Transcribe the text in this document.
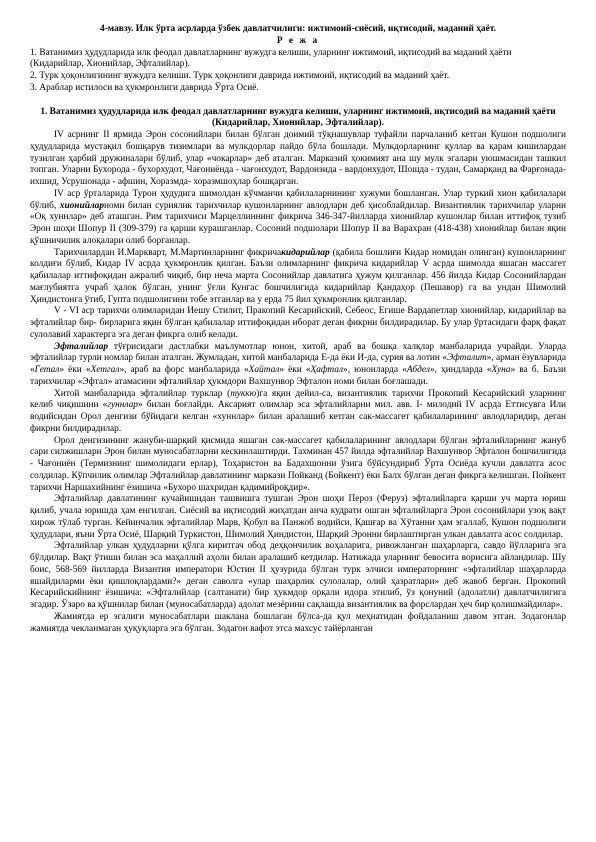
4-мавзу. Илк ўрта асрларда ўзбек давлатчилиги: ижтимоий-сиёсий, иқтисодий, маданий ҳаёт.

Р е ж а

1. Ватанимиз ҳудудларида илк феодал давлатларнинг вужудга келиши, уларнинг ижтимоий, иқтисодий ва маданий ҳаёти (Кидарийлар, Хионийлар, Эфталийлар).

2. Турк ҳоқонлигининг вужудга келиши. Турк ҳоқонлиги даврида ижтимоий, иқтисодий ва маданий ҳаёт.

3. Араблар истилоси ва ҳукмронлиги даврида Ўрта Осиё.

1. Ватанимиз ҳудудларида илк феодал давлатларнинг вужудга келиши, уларнинг ижтимоий, иқтисодий ва маданий ҳаёти (Кидарийлар, Хионийлар, Эфталийлар).

IV асрнинг II ярмида Эрон сосонийлари билан бўлган доимий тўқнашувлар туфайли парчаланиб кетган Кушон подшолиги ҳудудларида мустақил бошқарув тизимлари ва мулкдорлар пайдо бўла бошлади. Мулкдорларнинг қуллар ва қарам кишилардан тузилган ҳарбий дружиналари бўлиб, улар «чокарлар» деб аталган. Марказий ҳокимият ана шу мулк эгалари уюшмасидан ташкил топган. Уларни Бухорода - бухорхудот, Чағониёнда - чағонхудот, Вардонзида - вардонхудот, Шошда - тудан, Самарқанд ва Фарғонада- ихшид, Усрушонада - афшин, Хоразмда- хоразмшоҳлар бошқарган.

IV аср ўрталарида Турон ҳудудига шимолдан кўчманчи қабилаларнининг хужуми бошланган. Улар туркий хион қабилалари бўлиб, хионийларноми билан суриялик тарихчилар кушонларнинг авлодлари деб ҳисоблайдилар. Византиялик тарихчилар уларни «Оқ хуннлар» деб аташган. Рим тарихчиси Марцеллиннинг фикрича 346-347-йилларда хионийлар кушонлар билан иттифоқ тузиб Эрон шоҳи Шопур II (309-379) га қарши курашганлар. Сосоний подшолари Шопур II ва Варахран (418-438) хионийлар билан яқин қўшничилик алоқалари олиб борганлар.

Тарихчилардан И.Маркварт, М.Мартинларнинг фикричакидарийлар (қабила бошлиғи Кидар номидан олинган) кушонларнинг колдиғи бўлиб, Кидар IV асрда ҳукмронлик қилган. Баъзи олимларнинг фикрича кидарийлар V асрда шимолда яшаган массагет қабилалар иттифоқидан ажралиб чиқиб, бир неча марта Сосонийлар давлатига ҳужум қилганлар. 456 йилда Кидар Сосонийлардан мағлубиятга учраб ҳалок бўлган, унинг ўғли Кунгас бошчилигида кидарийлар Қандаҳор (Пешавор) га ва ундан Шимолий Ҳиндистонга ўтиб, Гупта подшолигини тобе этганлар ва у ерда 75 йил ҳукмронлик қилганлар.

V - VI аср тарихчи олимларидан Иешу Стилит, Пракопий Кесарийский, Себеос, Егише Вардапетлар хионийлар, кидарийлар ва эфталийлар бир- бирларига яқин бўлган қабилалар иттифоқидан иборат деган фикрни билдирадилар. Бу улар ўртасидаги фарқ фақат сулолавий характерга эга деган фикрга олиб келади.

Эфталийлар тўғрисидаги дастлабки маълумотлар юнон, хитой, араб ва бошқа халқлар манбаларида учрайди. Уларда эфталийлар турли номлар билан аталган. Жумладан, хитой манбаларида Е-да ёки И-да, сурия ва лотин «Эфталит», арман ёзувларида «Гетал» ёки «Хетгал», араб ва форс манбаларида «Хайтал» ёки «Ҳафтал», юнонларда «Абдел», ҳиндларда «Хуна» ва б. Баъзи тарихчилар «Эфтал» атамасини эфталийлар ҳукмдори Вахшунвор Эфталон номи билан боғлашади.

Хитой манбаларида эфталийлар турклар (туккю)га яқин дейил-са, византиялик тарихчи Прокопий Кесарийский уларнинг келиб чиқишини «гуннлар» билан боғлайди. Аксарият олимлар эса эфталийларни мил. авв. I- милодий IV асрда Еттисувга Или водийсидан Орол денгизи бўйидаги келган «хуннлар» билан аралашиб кетган сак-массагет қабилаларининг авлодларидир, деган фикрни билдирадилар.

Орол денгизининг жануби-шарқий қисмида яшаган сак-массагет қабилаларининг авлодлари бўлган эфталийларнинг жануб сари силжишлари Эрон билан муносабатларни кескинлаштирди. Тахминан 457 йилда эфталийлар Вахшунвор Эфталон бошчилигида - Чағониён (Термизнинг шимолидаги ерлар), Тоҳаристон ва Бадахшонни ўзига бўйсундириб Ўрта Осиёда кучли давлатга асос солдилар. Кўпчилик олимлар Эфталийлар давлатининг маркази Пойканд (Бойкент) ёки Балх бўлган деган фикрга келишган. Пойкент тарихчи Наршахийнинг ёзишича «Бухоро шахридан қадимийроқдир».

Эфталийлар давлатининг кучайишидан ташвишга тушган Эрон шоҳи Пероз (Феруз) эфталийларга қарши уч марта юриш қилиб, учала юришда ҳам енгилган. Сиёсий ва иқтисодий жиҳатдан анча кудрати ошган эфталийларга Эрон сосонийлари узоқ вақт хирож тўлаб турган. Кейинчалик эфталийлар Марв, Қобул ва Панжоб водийси, Қашғар ва Хўтанни ҳам эгаллаб, Кушон подшолиги ҳудудлари, яъни Ўрта Осиё, Шарқий Туркистон, Шимолий Ҳиндистон, Шарқий Эронни бирлаштирган улкан давлатга асос солдилар.

Эфталийлар улкан ҳудудларни қўлга киритгач обод деҳқончилик воҳаларига, ривожланган шаҳарларга, савдо йўлларига эга бўлдилар. Вақт ўтиши билан эса маҳаллий аҳоли билан аралашиб кетдилар. Натижада уларнинг бевосита ворисига айландилар. Шу боис, 568-569 йилларда Византия императори Юстин II ҳузурида бўлган турк элчиси императорнинг «эфталийлар шаҳарларда яшайдиларми ёки қишлоқлардами?» деган саволга «улар шаҳарлик сулолалар, олий ҳазратлари» деб жавоб берган. Прокопий Кесарийскийнинг ёзишича: «Эфталийлар (салтанати) бир ҳукмдор орқали идора этилиб, ўз қонуний (адолатли) давлатчилигига эгадир. Ўзаро ва қўшнилар билан (муносабатларда) адолат мезёрини сақлашда византиялик ва форслардан ҳеч бир қолишмайдилар».

Жамиятда ер эгалиги муносабатлари шаклана бошлаган бўлса-да қул меҳнатидан фойдаланиш давом этган. Зодагонлар жамиятда чекланмаган ҳуқуқларга эга бўлган. Зодагон вафот этса махсус тайёрланган
